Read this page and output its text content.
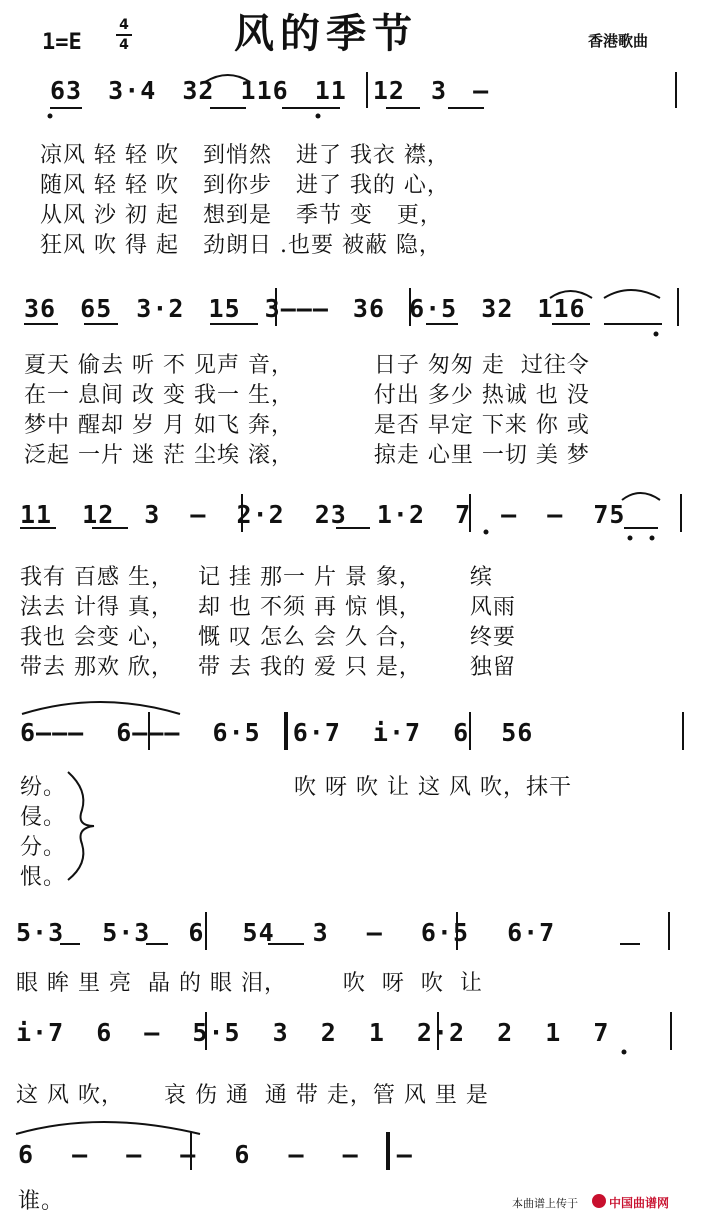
1=E
4
4	风的季节	香港歌曲
63 3·4 32 116 11 12 3 —
凉风 轻 轻 吹   到悄然   进了 我衣 襟，
随风 轻 轻 吹   到你步   进了 我的 心，
从风 沙 初 起   想到是   季节 变   更，
狂风 吹 得 起   劲朗日 .也要 被蔽 隐，
36 65 3·2 15 3——— 36 6·5 32 116
夏天 偷去 听 不 见声 音，          日子 匆匆 走  过往令
在一 息间 改 变 我一 生，          付出 多少 热诚 也 没
梦中 醒却 岁 月 如飞 奔，          是否 早定 下来 你 或
泛起 一片 迷 茫 尘埃 滚，          掠走 心里 一切 美 梦
11 12 3 — 2·2 23 1·2 7 — — 75
我有 百感 生，   记 挂 那一 片 景 象，      缤
法去 计得 真，   却 也 不须 再 惊 惧，      风雨
我也 会变 心，   慨 叹 怎么 会 久 合，      终要
带去 那欢 欣，   带 去 我的 爱 只 是，      独留
6——— 6——— 6·5 6·7 i·7 6 56
纷。
侵。
分。
恨。
吹 呀 吹 让 这 风 吹，抹干
5·3 5·3 6 54 3 — 6·5 6·7
眼 眸 里 亮  晶 的 眼 泪，       吹  呀  吹  让
i·7 6 — 5·5 3 2 1 2·2 2 1 7
这 风 吹，     哀 伤 通  通 带 走，管 风 里 是
6 — — — 6 — — —
谁。	本曲谱上传于	中国曲谱网
